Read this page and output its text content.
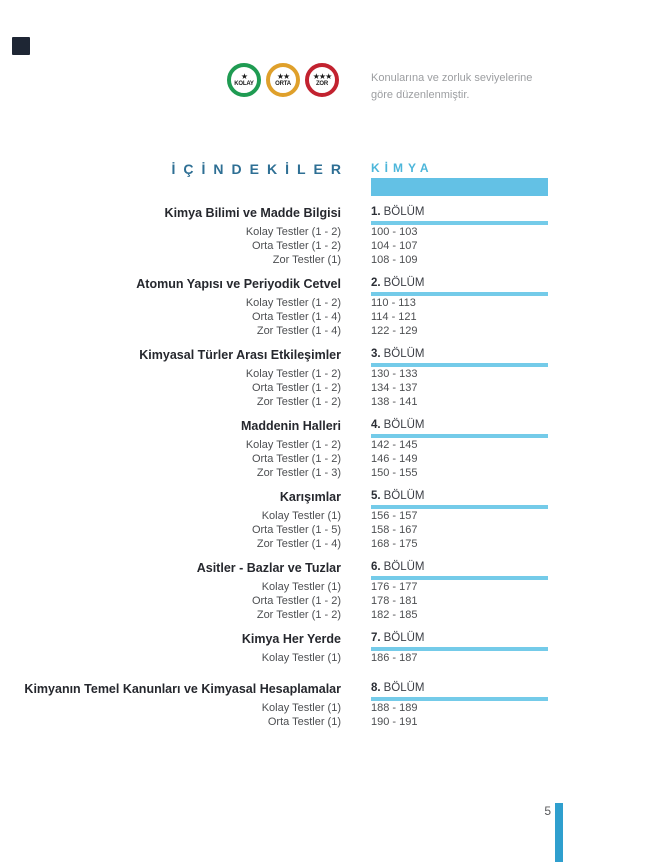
★
KOLAY
★★
ORTA
★★★
ZOR	Konularına ve zorluk seviyelerine göre düzenlenmiştir.
İÇİNDEKİLER KİMYA
Kimya Bilimi ve Madde Bilgisi
Kolay Testler (1 - 2)
Orta Testler (1 - 2)
Zor Testler (1)
1. BÖLÜM
100 - 103
104 - 107
108 - 109
Atomun Yapısı ve Periyodik Cetvel
Kolay Testler (1 - 2)
Orta Testler (1 - 4)
Zor Testler (1 - 4)
2. BÖLÜM
110 - 113
114 - 121
122 - 129
Kimyasal Türler Arası Etkileşimler
Kolay Testler (1 - 2)
Orta Testler (1 - 2)
Zor Testler (1 - 2)
3. BÖLÜM
130 - 133
134 - 137
138 - 141
Maddenin Halleri
Kolay Testler (1 - 2)
Orta Testler (1 - 2)
Zor Testler (1 - 3)
4. BÖLÜM
142 - 145
146 - 149
150 - 155
Karışımlar
Kolay Testler (1)
Orta Testler (1 - 5)
Zor Testler (1 - 4)
5. BÖLÜM
156 - 157
158 - 167
168 - 175
Asitler - Bazlar ve Tuzlar
Kolay Testler (1)
Orta Testler (1 - 2)
Zor Testler (1 - 2)
6. BÖLÜM
176 - 177
178 - 181
182 - 185
Kimya Her Yerde
Kolay Testler (1)
7. BÖLÜM
186 - 187
Kimyanın Temel Kanunları ve Kimyasal Hesaplamalar
Kolay Testler (1)
Orta Testler (1)
8. BÖLÜM
188 - 189
190 - 191
5
